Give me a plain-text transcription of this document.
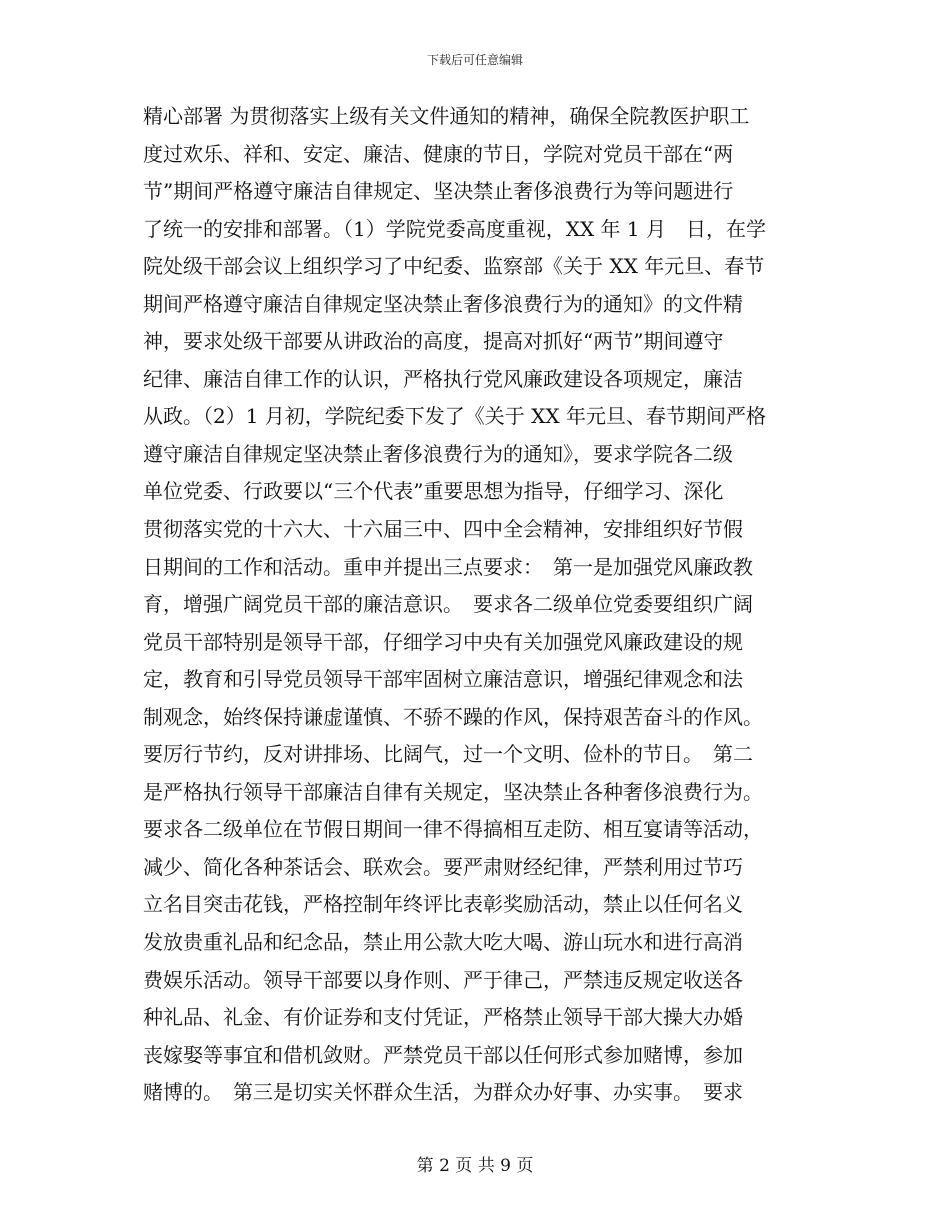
下载后可任意编辑
精心部署 为贯彻落实上级有关文件通知的精神，确保全院教医护职工
度过欢乐、祥和、安定、廉洁、健康的节日，学院对党员干部在“两
节”期间严格遵守廉洁自律规定、坚决禁止奢侈浪费行为等问题进行
了统一的安排和部署。（1）学院党委高度重视，XX 年 1 月　日，在学
院处级干部会议上组织学习了中纪委、监察部《关于 XX 年元旦、春节
期间严格遵守廉洁自律规定坚决禁止奢侈浪费行为的通知》的文件精
神，要求处级干部要从讲政治的高度，提高对抓好“两节”期间遵守
纪律、廉洁自律工作的认识，严格执行党风廉政建设各项规定，廉洁
从政。（2）1 月初，学院纪委下发了《关于 XX 年元旦、春节期间严格
遵守廉洁自律规定坚决禁止奢侈浪费行为的通知》，要求学院各二级
单位党委、行政要以“三个代表”重要思想为指导，仔细学习、深化
贯彻落实党的十六大、十六届三中、四中全会精神，安排组织好节假
日期间的工作和活动。重申并提出三点要求：　第一是加强党风廉政教
育，增强广阔党员干部的廉洁意识。　要求各二级单位党委要组织广阔
党员干部特别是领导干部，仔细学习中央有关加强党风廉政建设的规
定，教育和引导党员领导干部牢固树立廉洁意识，增强纪律观念和法
制观念，始终保持谦虚谨慎、不骄不躁的作风，保持艰苦奋斗的作风。
要厉行节约，反对讲排场、比阔气，过一个文明、俭朴的节日。　第二
是严格执行领导干部廉洁自律有关规定，坚决禁止各种奢侈浪费行为。
要求各二级单位在节假日期间一律不得搞相互走防、相互宴请等活动，
减少、简化各种茶话会、联欢会。要严肃财经纪律，严禁利用过节巧
立名目突击花钱，严格控制年终评比表彰奖励活动，禁止以任何名义
发放贵重礼品和纪念品，禁止用公款大吃大喝、游山玩水和进行高消
费娱乐活动。领导干部要以身作则、严于律己，严禁违反规定收送各
种礼品、礼金、有价证券和支付凭证，严格禁止领导干部大操大办婚
丧嫁娶等事宜和借机敛财。严禁党员干部以任何形式参加赌博，参加
赌博的。　第三是切实关怀群众生活，为群众办好事、办实事。　要求
第 2 页 共 9 页
